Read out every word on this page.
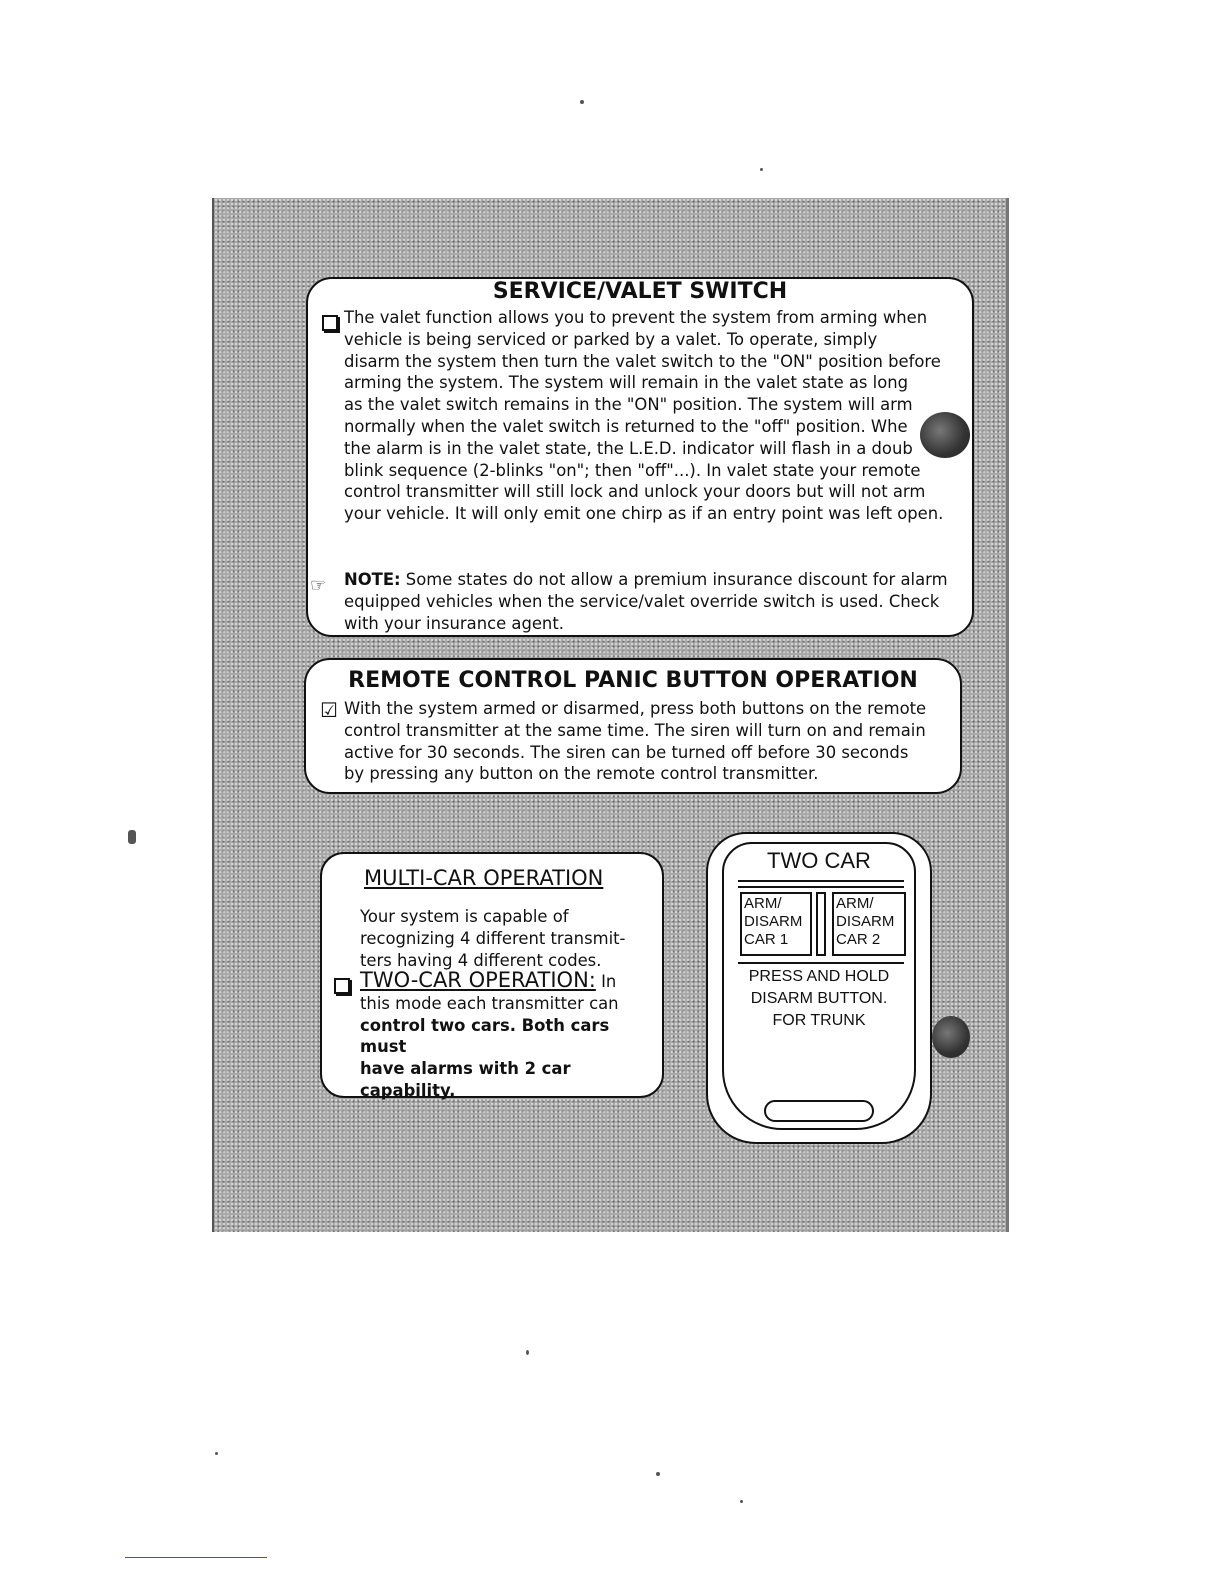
SERVICE/VALET SWITCH
The valet function allows you to prevent the system from arming when
vehicle is being serviced or parked by a valet. To operate, simply
disarm the system then turn the valet switch to the "ON" position before
arming the system. The system will remain in the valet state as long
as the valet switch remains in the "ON" position. The system will arm
normally when the valet switch is returned to the "off" position. Whe
the alarm is in the valet state, the L.E.D. indicator will flash in a doub
blink sequence (2-blinks "on"; then "off"...). In valet state your remote
control transmitter will still lock and unlock your doors but will not arm
your vehicle. It will only emit one chirp as if an entry point was left open.
☞ NOTE: Some states do not allow a premium insurance discount for alarm
equipped vehicles when the service/valet override switch is used. Check
with your insurance agent.
REMOTE CONTROL PANIC BUTTON OPERATION
☑ With the system armed or disarmed, press both buttons on the remote
control transmitter at the same time. The siren will turn on and remain
active for 30 seconds. The siren can be turned off before 30 seconds
by pressing any button on the remote control transmitter.
MULTI-CAR OPERATION
Your system is capable of
recognizing 4 different transmit-
ters having 4 different codes.
TWO-CAR OPERATION: In
this mode each transmitter can
control two cars. Both cars must
have alarms with 2 car capability.
TWO CAR
ARM/
DISARM
CAR 1
ARM/
DISARM
CAR 2
PRESS AND HOLD
DISARM BUTTON.
FOR TRUNK
